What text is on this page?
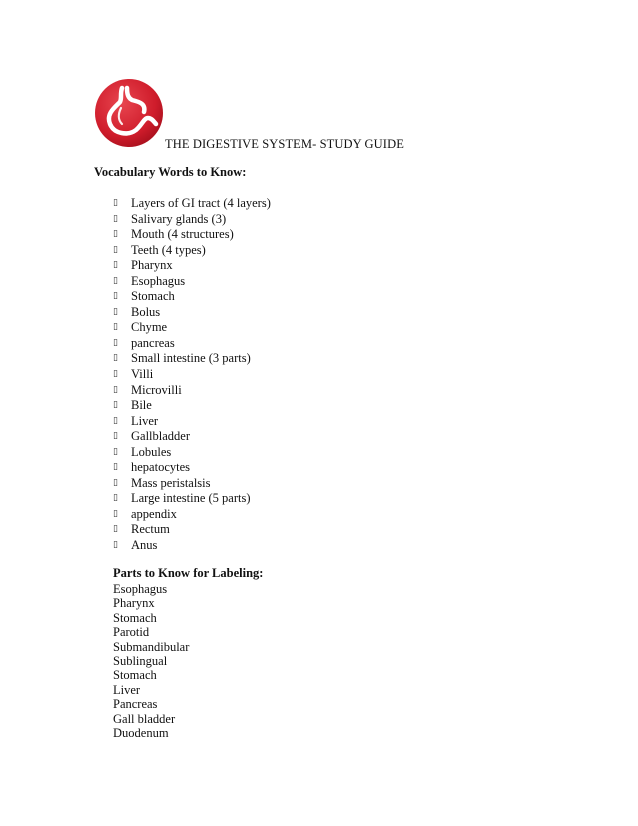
THE DIGESTIVE SYSTEM- STUDY GUIDE
Vocabulary Words to Know:
▯
Layers of GI tract (4 layers)
▯
Salivary glands (3)
▯
Mouth (4 structures)
▯
Teeth (4 types)
▯
Pharynx
▯
Esophagus
▯
Stomach
▯
Bolus
▯
Chyme
▯
pancreas
▯
Small intestine (3 parts)
▯
Villi
▯
Microvilli
▯
Bile
▯
Liver
▯
Gallbladder
▯
Lobules
▯
hepatocytes
▯
Mass peristalsis
▯
Large intestine (5 parts)
▯
appendix
▯
Rectum
▯
Anus
Parts to Know for Labeling:
Esophagus
Pharynx
Stomach
Parotid
Submandibular
Sublingual
Stomach
Liver
Pancreas
Gall bladder
Duodenum
